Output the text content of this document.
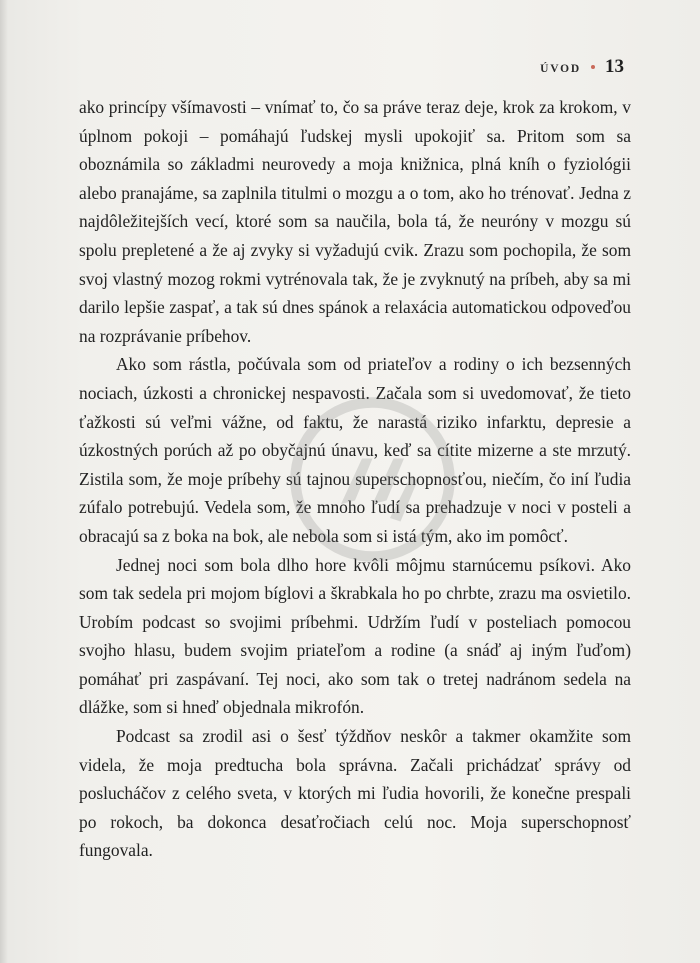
ÚVOD 13

ako princípy všímavosti – vnímať to, čo sa práve teraz deje, krok za krokom, v úplnom pokoji – pomáhajú ľudskej mysli upokojiť sa. Pritom som sa oboznámila so základmi neurovedy a moja knižnica, plná kníh o fyziológii alebo pranajáme, sa zaplnila titulmi o mozgu a o tom, ako ho trénovať. Jedna z najdôležitejších vecí, ktoré som sa naučila, bola tá, že neuróny v mozgu sú spolu prepletené a že aj zvyky si vyžadujú cvik. Zrazu som pochopila, že som svoj vlastný mozog rokmi vytrénovala tak, že je zvyknutý na príbeh, aby sa mi darilo lepšie zaspať, a tak sú dnes spánok a relaxácia automatickou odpoveďou na rozprávanie príbehov.

Ako som rástla, počúvala som od priateľov a rodiny o ich bezsenných nociach, úzkosti a chronickej nespavosti. Začala som si uvedomovať, že tieto ťažkosti sú veľmi vážne, od faktu, že narastá riziko infarktu, depresie a úzkostných porúch až po obyčajnú únavu, keď sa cítite mizerne a ste mrzutý. Zistila som, že moje príbehy sú tajnou superschopnosťou, niečím, čo iní ľudia zúfalo potrebujú. Vedela som, že mnoho ľudí sa prehadzuje v noci v posteli a obracajú sa z boka na bok, ale nebola som si istá tým, ako im pomôcť.

Jednej noci som bola dlho hore kvôli môjmu starnúcemu psíkovi. Ako som tak sedela pri mojom bíglovi a škrabkala ho po chrbte, zrazu ma osvietilo. Urobím podcast so svojimi príbehmi. Udržím ľudí v posteliach pomocou svojho hlasu, budem svojim priateľom a rodine (a snáď aj iným ľuďom) pomáhať pri zaspávaní. Tej noci, ako som tak o tretej nadránom sedela na dlážke, som si hneď objednala mikrofón.

Podcast sa zrodil asi o šesť týždňov neskôr a takmer okamžite som videla, že moja predtucha bola správna. Začali prichádzať správy od poslucháčov z celého sveta, v ktorých mi ľudia hovorili, že konečne prespali po rokoch, ba dokonca desaťročiach celú noc. Moja superschopnosť fungovala.
